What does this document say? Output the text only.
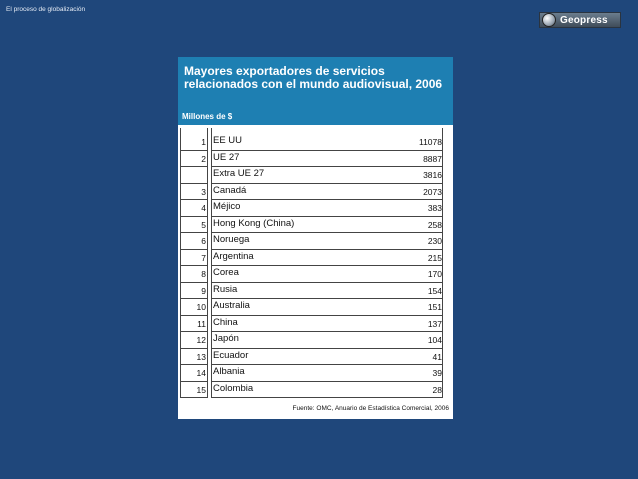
El proceso de globalización
Geopress
Mayores exportadores de servicios
relacionados con el mundo audiovisual, 2006
Millones de $
1 EE UU	11078
2 UE 27	8887
Extra UE 27	3816
3 Canadá	2073
4 Méjico	383
5 Hong Kong (China)	258
6 Noruega	230
7 Argentina	215
8 Corea	170
9 Rusia	154
10 Australia	151
11 China	137
12 Japón	104
13 Ecuador	41
14 Albania	39
15 Colombia	28
Fuente: OMC, Anuario de Estadística Comercial, 2006
